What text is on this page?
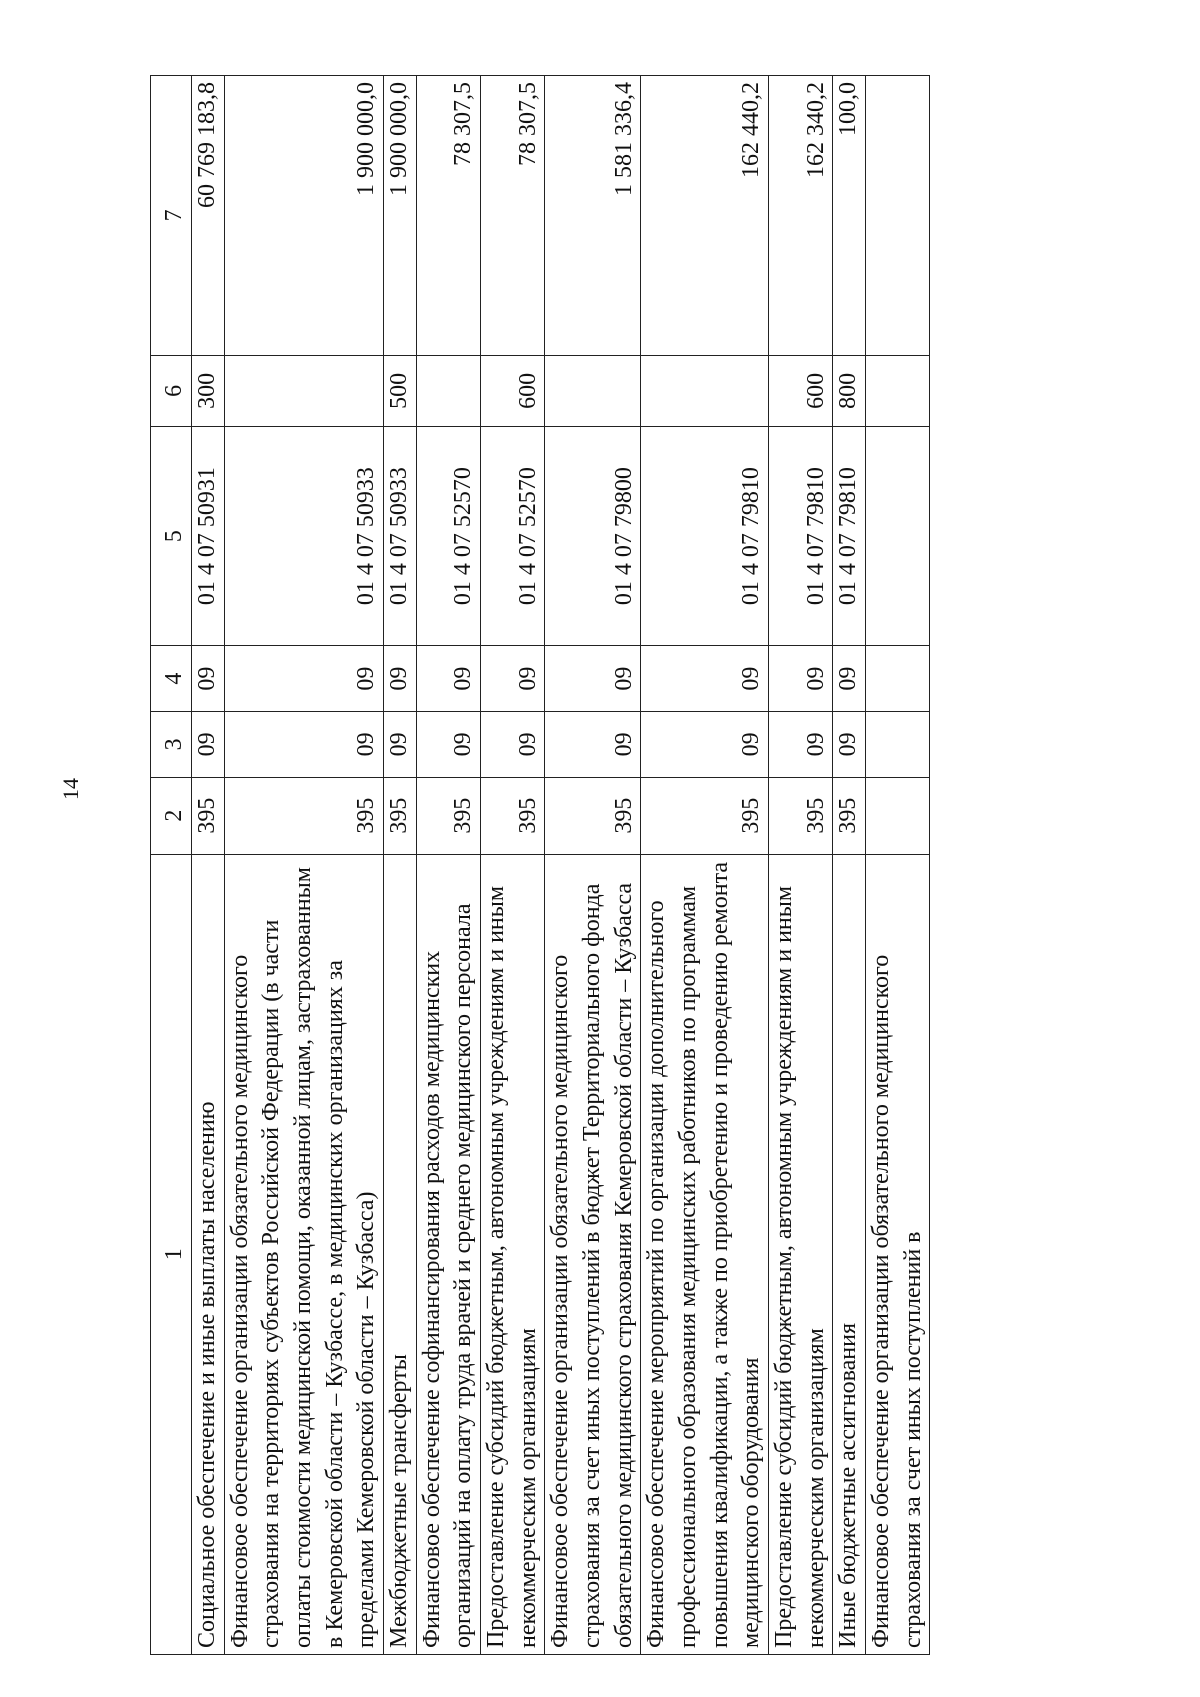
14
1	2	3	4	5	6	7
Социальное обеспечение и иные выплаты населению	395	09	09	01 4 07 50931	300	60 769 183,8
Финансовое обеспечение организации обязательного медицинского страхования на территориях субъектов Российской Федерации (в части оплаты стоимости медицинской помощи, оказанной лицам, застрахованным в Кемеровской области – Кузбассе, в медицинских организациях за пределами Кемеровской области – Кузбасса)	395	09	09	01 4 07 50933		1 900 000,0
Межбюджетные трансферты	395	09	09	01 4 07 50933	500	1 900 000,0
Финансовое обеспечение софинансирования расходов медицинских организаций на оплату труда врачей и среднего медицинского персонала	395	09	09	01 4 07 52570		78 307,5
Предоставление субсидий бюджетным, автономным учреждениям и иным некоммерческим организациям	395	09	09	01 4 07 52570	600	78 307,5
Финансовое обеспечение организации обязательного медицинского страхования за счет иных поступлений в бюджет Территориального фонда обязательного медицинского страхования Кемеровской области – Кузбасса	395	09	09	01 4 07 79800		1 581 336,4
Финансовое обеспечение мероприятий по организации дополнительного профессионального образования медицинских работников по программам повышения квалификации, а также по приобретению и проведению ремонта медицинского оборудования	395	09	09	01 4 07 79810		162 440,2
Предоставление субсидий бюджетным, автономным учреждениям и иным некоммерческим организациям	395	09	09	01 4 07 79810	600	162 340,2
Иные бюджетные ассигнования	395	09	09	01 4 07 79810	800	100,0
Финансовое обеспечение организации обязательного медицинского страхования за счет иных поступлений в						
